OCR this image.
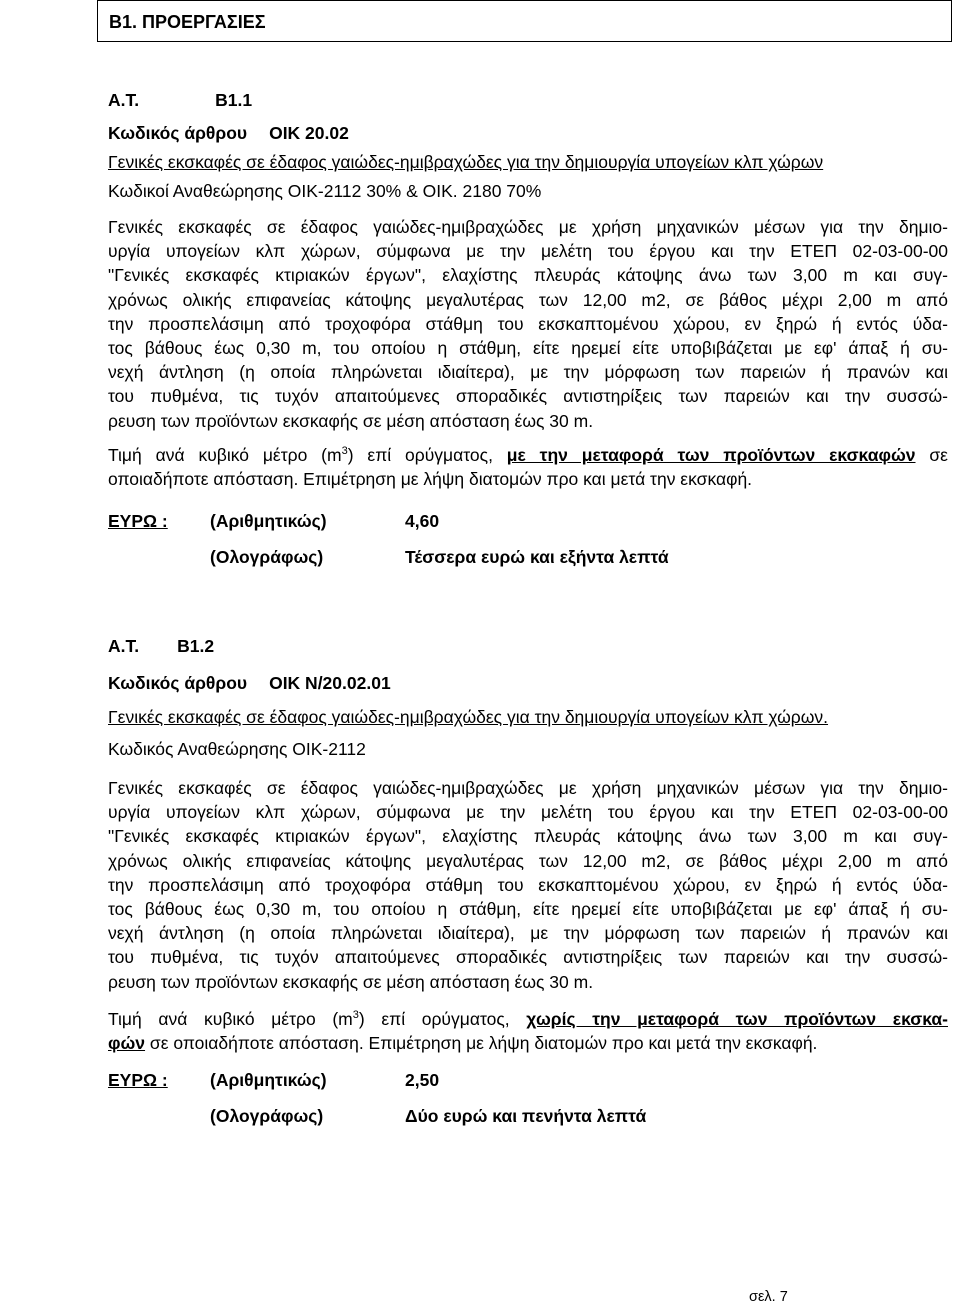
Β1. ΠΡΟΕΡΓΑΣΙΕΣ
Α.Τ.	Β1.1
Κωδικός άρθρου ΟΙΚ 20.02
Γενικές εκσκαφές σε έδαφος γαιώδες-ημιβραχώδες για την δημιουργία υπογείων κλπ χώρων
Κωδικοί Αναθεώρησης ΟΙΚ-2112 30% & ΟΙΚ. 2180 70%
Γενικές εκσκαφές σε έδαφος γαιώδες-ημιβραχώδες με χρήση μηχανικών μέσων για την δημιο-
υργία υπογείων κλπ χώρων, σύμφωνα με την μελέτη του έργου και την ΕΤΕΠ 02-03-00-00
"Γενικές εκσκαφές κτιριακών έργων", ελαχίστης πλευράς κάτοψης άνω των 3,00 m και συγ-
χρόνως ολικής επιφανείας κάτοψης μεγαλυτέρας των 12,00 m2, σε βάθος μέχρι 2,00 m από
την προσπελάσιμη από τροχοφόρα στάθμη του εκσκαπτομένου χώρου, εν ξηρώ ή εντός ύδα-
τος βάθους έως 0,30 m, του οποίου η στάθμη, είτε ηρεμεί είτε υποβιβάζεται με εφ' άπαξ ή συ-
νεχή άντληση (η οποία πληρώνεται ιδιαίτερα), με την μόρφωση των παρειών ή πρανών και
του πυθμένα, τις τυχόν απαιτούμενες σποραδικές αντιστηρίξεις των παρειών και την συσσώ-
ρευση των προϊόντων εκσκαφής σε μέση απόσταση έως 30 m.
Τιμή ανά κυβικό μέτρο $(m^3)$ επί ορύγματος, με την μεταφορά των προϊόντων εκσκαφών σε
οποιαδήποτε απόσταση. Επιμέτρηση με λήψη διατομών προ και μετά την εκσκαφή.
ΕΥΡΩ : (Αριθμητικώς)	4,60
(Ολογράφως)	Τέσσερα ευρώ και εξήντα λεπτά
Α.Τ. Β1.2
Κωδικός άρθρου ΟΙΚ Ν/20.02.01
Γενικές εκσκαφές σε έδαφος γαιώδες-ημιβραχώδες για την δημιουργία υπογείων κλπ χώρων.
Κωδικός Αναθεώρησης ΟΙΚ-2112
Γενικές εκσκαφές σε έδαφος γαιώδες-ημιβραχώδες με χρήση μηχανικών μέσων για την δημιο-
υργία υπογείων κλπ χώρων, σύμφωνα με την μελέτη του έργου και την ΕΤΕΠ 02-03-00-00
"Γενικές εκσκαφές κτιριακών έργων", ελαχίστης πλευράς κάτοψης άνω των 3,00 m και συγ-
χρόνως ολικής επιφανείας κάτοψης μεγαλυτέρας των 12,00 m2, σε βάθος μέχρι 2,00 m από
την προσπελάσιμη από τροχοφόρα στάθμη του εκσκαπτομένου χώρου, εν ξηρώ ή εντός ύδα-
τος βάθους έως 0,30 m, του οποίου η στάθμη, είτε ηρεμεί είτε υποβιβάζεται με εφ' άπαξ ή συ-
νεχή άντληση (η οποία πληρώνεται ιδιαίτερα), με την μόρφωση των παρειών ή πρανών και
του πυθμένα, τις τυχόν απαιτούμενες σποραδικές αντιστηρίξεις των παρειών και την συσσώ-
ρευση των προϊόντων εκσκαφής σε μέση απόσταση έως 30 m.
Τιμή ανά κυβικό μέτρο $(m^3)$ επί ορύγματος, χωρίς την μεταφορά των προϊόντων εκσκα-
φών σε οποιαδήποτε απόσταση. Επιμέτρηση με λήψη διατομών προ και μετά την εκσκαφή.
ΕΥΡΩ : (Αριθμητικώς)	2,50
(Ολογράφως)	Δύο ευρώ και πενήντα λεπτά
σελ. 7
